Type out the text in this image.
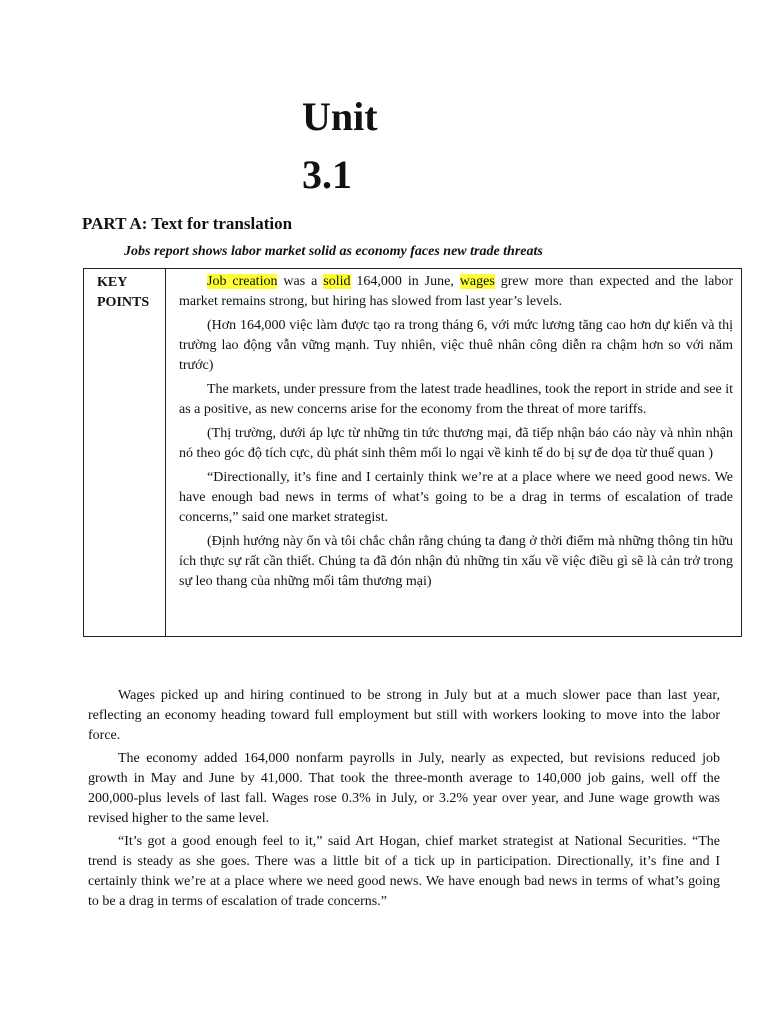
Unit
3.1
PART A: Text for translation
Jobs report shows labor market solid as economy faces new trade threats
KEY POINTS

Job creation was a solid 164,000 in June, wages grew more than expected and the labor market remains strong, but hiring has slowed from last year’s levels.

(Hơn 164,000 việc làm được tạo ra trong tháng 6, với mức lương tăng cao hơn dự kiến và thị trường lao động vẫn vững mạnh. Tuy nhiên, việc thuê nhân công diễn ra chậm hơn so với năm trước)

The markets, under pressure from the latest trade headlines, took the report in stride and see it as a positive, as new concerns arise for the economy from the threat of more tariffs.

(Thị trường, dưới áp lực từ những tin tức thương mại, đã tiếp nhận báo cáo này và nhìn nhận nó theo góc độ tích cực, dù phát sinh thêm mối lo ngại về kinh tế do bị sự đe dọa từ thuế quan )

“Directionally, it’s fine and I certainly think we’re at a place where we need good news. We have enough bad news in terms of what’s going to be a drag in terms of escalation of trade concerns,” said one market strategist.

(Định hướng này ổn và tôi chắc chắn rằng chúng ta đang ở thời điểm mà những thông tin hữu ích thực sự rất cần thiết. Chúng ta đã đón nhận đủ những tin xấu về việc điều gì sẽ là cản trở trong sự leo thang của những mối tâm thương mại)

Wages picked up and hiring continued to be strong in July but at a much slower pace than last year, reflecting an economy heading toward full employment but still with workers looking to move into the labor force.

The economy added 164,000 nonfarm payrolls in July, nearly as expected, but revisions reduced job growth in May and June by 41,000. That took the three-month average to 140,000 job gains, well off the 200,000-plus levels of last fall. Wages rose 0.3% in July, or 3.2% year over year, and June wage growth was revised higher to the same level.

“It’s got a good enough feel to it,” said Art Hogan, chief market strategist at National Securities. “The trend is steady as she goes. There was a little bit of a tick up in participation. Directionally, it’s fine and I certainly think we’re at a place where we need good news. We have enough bad news in terms of what’s going to be a drag in terms of escalation of trade concerns.”
